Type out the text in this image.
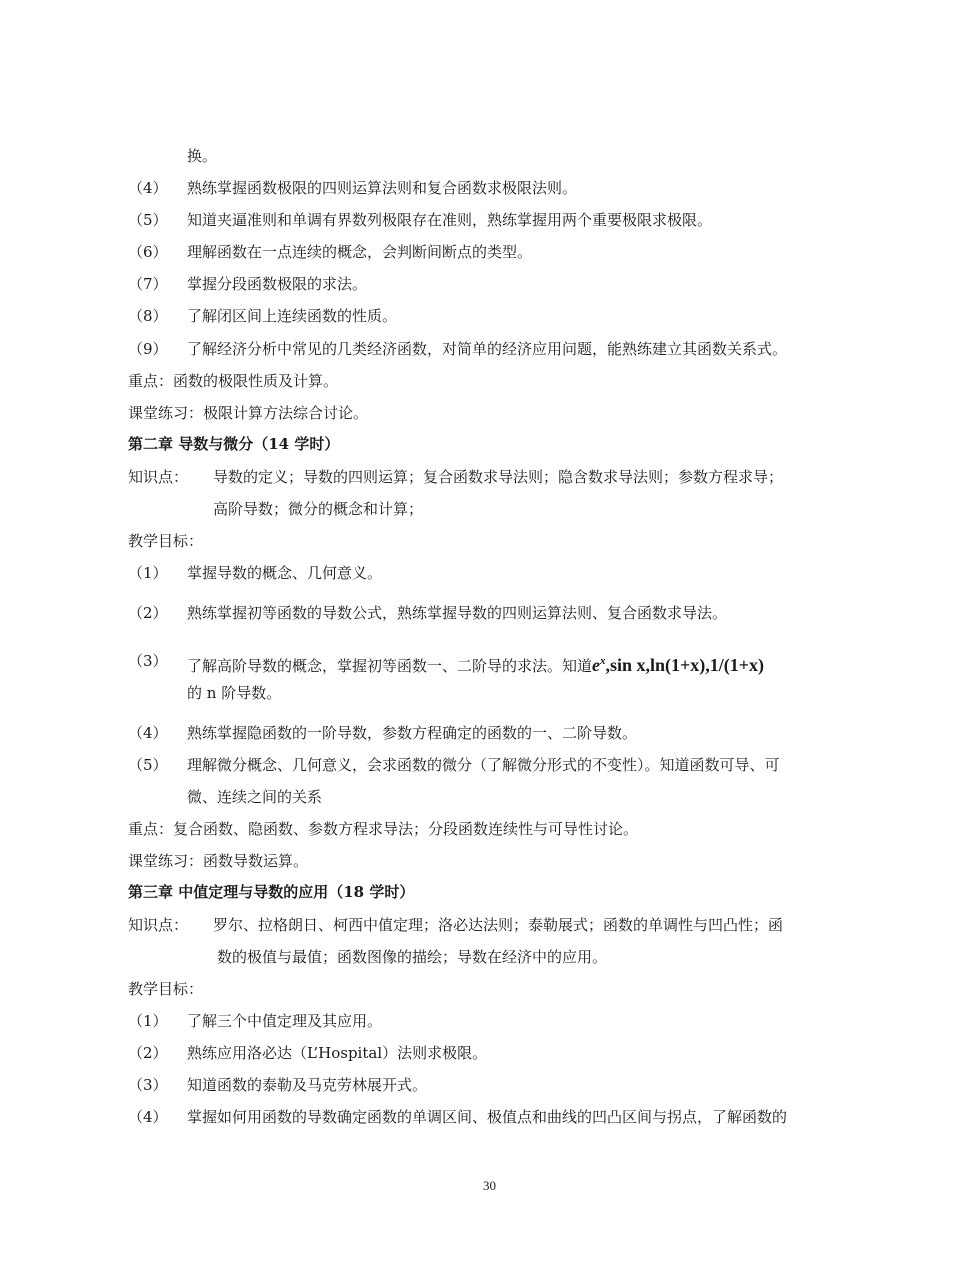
换。
（4） 熟练掌握函数极限的四则运算法则和复合函数求极限法则。
（5） 知道夹逼准则和单调有界数列极限存在准则，熟练掌握用两个重要极限求极限。
（6） 理解函数在一点连续的概念，会判断间断点的类型。
（7） 掌握分段函数极限的求法。
（8） 了解闭区间上连续函数的性质。
（9） 了解经济分析中常见的几类经济函数，对简单的经济应用问题，能熟练建立其函数关系式。
重点：函数的极限性质及计算。
课堂练习：极限计算方法综合讨论。
第二章 导数与微分（14 学时）
知识点： 导数的定义；导数的四则运算；复合函数求导法则；隐含数求导法则；参数方程求导；
高阶导数；微分的概念和计算；
教学目标：
（1） 掌握导数的概念、几何意义。
（2） 熟练掌握初等函数的导数公式，熟练掌握导数的四则运算法则、复合函数求导法。
（3） 了解高阶导数的概念，掌握初等函数一、二阶导的求法。知道$e^x,\sin$ x,ln(1+x),1/(1+x)
的 n 阶导数。
（4） 熟练掌握隐函数的一阶导数，参数方程确定的函数的一、二阶导数。
（5） 理解微分概念、几何意义，会求函数的微分（了解微分形式的不变性）。知道函数可导、可
微、连续之间的关系
重点：复合函数、隐函数、参数方程求导法；分段函数连续性与可导性讨论。
课堂练习：函数导数运算。
第三章 中值定理与导数的应用（18 学时）
知识点： 罗尔、拉格朗日、柯西中值定理；洛必达法则；泰勒展式；函数的单调性与凹凸性；函
数的极值与最值；函数图像的描绘；导数在经济中的应用。
教学目标：
（1） 了解三个中值定理及其应用。
（2） 熟练应用洛必达（L’Hospital）法则求极限。
（3） 知道函数的泰勒及马克劳林展开式。
（4） 掌握如何用函数的导数确定函数的单调区间、极值点和曲线的凹凸区间与拐点，了解函数的
30
